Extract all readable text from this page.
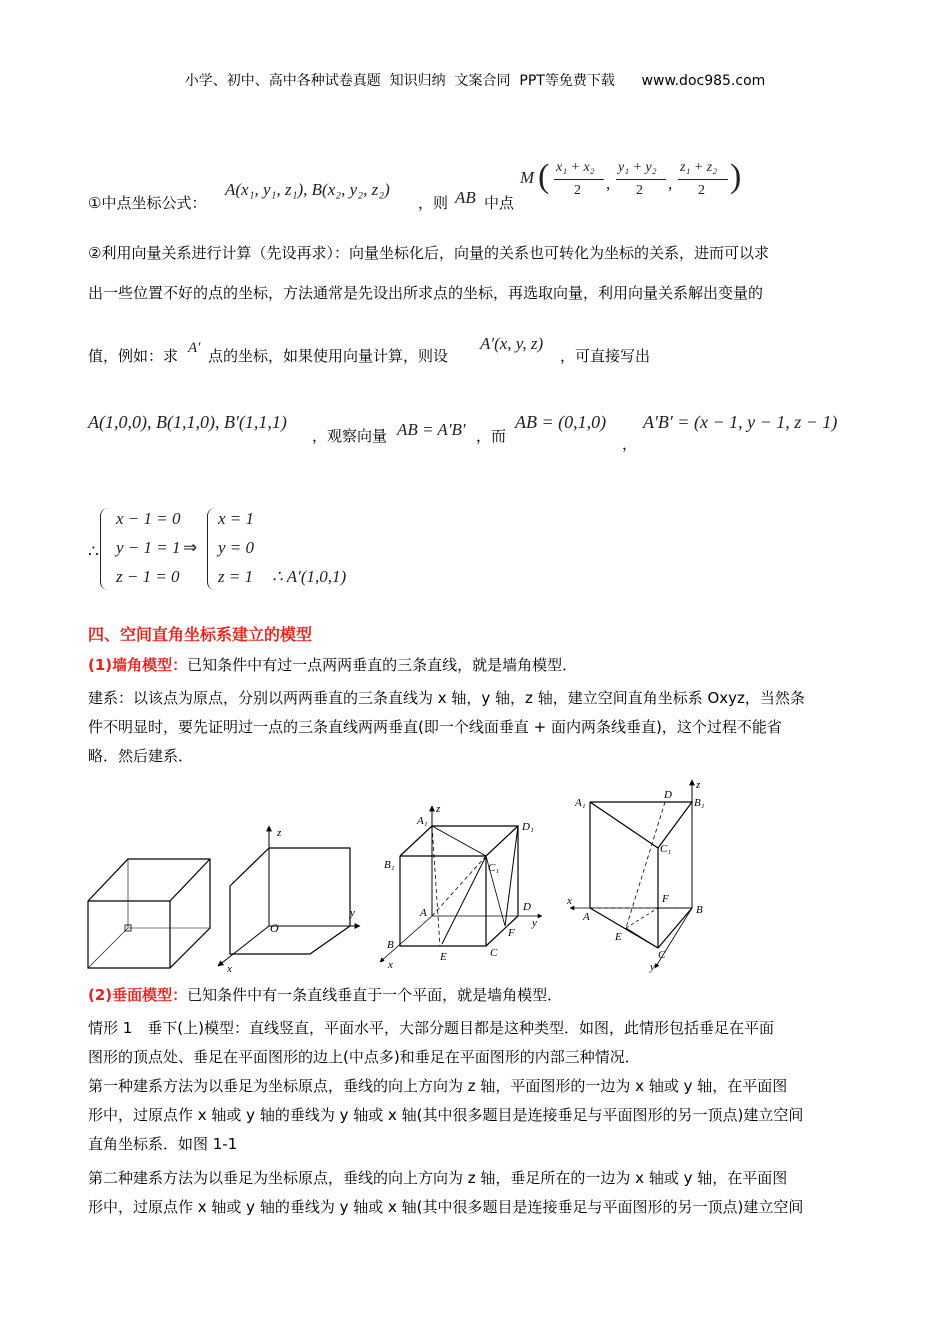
小学、初中、高中各种试卷真题  知识归纳  文案合同  PPT等免费下载      www.doc985.com
①中点坐标公式：
A(x₁, y₁, z₁), B(x₂, y₂, z₂)
，则 AB 中点
M ( x₁ + x₂
2 ,
y₁ + y₂
2 ,
z₁ + z₂
2 )
②利用向量关系进行计算（先设再求）：向量坐标化后，向量的关系也可转化为坐标的关系，进而可以求
出一些位置不好的点的坐标，方法通常是先设出所求点的坐标，再选取向量，利用向量关系解出变量的
值，例如：求 A′ 点的坐标，如果使用向量计算，则设
A′(x, y, z)
，可直接写出
A(1,0,0), B(1,1,0), B′(1,1,1)
，观察向量 AB = A′B′ ，而
AB = (0,1,0)
，
A′B′ = (x − 1, y − 1, z − 1)
∴
x − 1 = 0
y − 1 = 1
z − 1 = 0
⇒
x = 1
y = 0
z = 1 ∴ A′(1,0,1)
四、空间直角坐标系建立的模型
(1)墙角模型：已知条件中有过一点两两垂直的三条直线，就是墙角模型．
建系：以该点为原点，分别以两两垂直的三条直线为 x 轴，y 轴，z 轴，建立空间直角坐标系 Oxyz，当然条
件不明显时，要先证明过一点的三条直线两两垂直(即一个线面垂直 + 面内两条线垂直)，这个过程不能省
略．然后建系．
z
y
x
O
z
A₁	D₁
B₁	C₁
A	D
B
C
E
F
x
y
z
A₁
D
B₁
C₁
x
A
F
B
E
C
y
(2)垂面模型：已知条件中有一条直线垂直于一个平面，就是墙角模型．
情形 1　垂下(上)模型：直线竖直，平面水平，大部分题目都是这种类型．如图，此情形包括垂足在平面
图形的顶点处、垂足在平面图形的边上(中点多)和垂足在平面图形的内部三种情况．
第一种建系方法为以垂足为坐标原点，垂线的向上方向为 z 轴，平面图形的一边为 x 轴或 y 轴，在平面图
形中，过原点作 x 轴或 y 轴的垂线为 y 轴或 x 轴(其中很多题目是连接垂足与平面图形的另一顶点)建立空间
直角坐标系．如图 1-1
第二种建系方法为以垂足为坐标原点，垂线的向上方向为 z 轴，垂足所在的一边为 x 轴或 y 轴，在平面图
形中，过原点作 x 轴或 y 轴的垂线为 y 轴或 x 轴(其中很多题目是连接垂足与平面图形的另一顶点)建立空间
